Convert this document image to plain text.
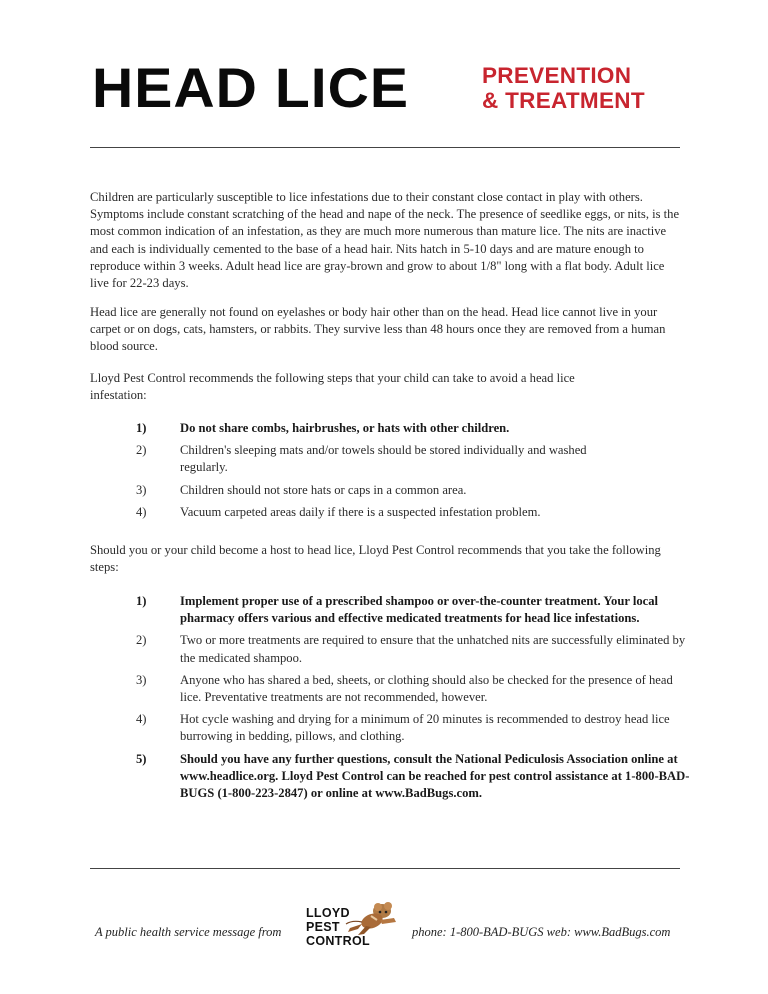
HEAD LICE	PREVENTION
& TREATMENT

Children are particularly susceptible to lice infestations due to their constant close contact in play with others. Symptoms include constant scratching of the head and nape of the neck. The presence of seedlike eggs, or nits, is the most common indication of an infestation, as they are much more numerous than mature lice. The nits are inactive and each is individually cemented to the base of a head hair. Nits hatch in 5-10 days and are mature enough to reproduce within 3 weeks. Adult head lice are gray-brown and grow to about 1/8" long with a flat body. Adult lice live for 22-23 days.

Head lice are generally not found on eyelashes or body hair other than on the head. Head lice cannot live in your carpet or on dogs, cats, hamsters, or rabbits. They survive less than 48 hours once they are removed from a human blood source.

Lloyd Pest Control recommends the following steps that your child can take to avoid a head lice infestation:

1)	Do not share combs, hairbrushes, or hats with other children.
2)	Children's sleeping mats and/or towels should be stored individually and washed regularly.
3)	Children should not store hats or caps in a common area.
4)	Vacuum carpeted areas daily if there is a suspected infestation problem.

Should you or your child become a host to head lice, Lloyd Pest Control recommends that you take the following steps:

1)	Implement proper use of a prescribed shampoo or over-the-counter treatment. Your local pharmacy offers various and effective medicated treatments for head lice infestations.
2)	Two or more treatments are required to ensure that the unhatched nits are successfully eliminated by the medicated shampoo.
3)	Anyone who has shared a bed, sheets, or clothing should also be checked for the presence of head lice. Preventative treatments are not recommended, however.
4)	Hot cycle washing and drying for a minimum of 20 minutes is recommended to destroy head lice burrowing in bedding, pillows, and clothing.
5)	Should you have any further questions, consult the National Pediculosis Association online at www.headlice.org. Lloyd Pest Control can be reached for pest control assistance at 1-800-BAD-BUGS (1-800-223-2847) or online at www.BadBugs.com.
A public health service message from
LLOYD
PEST
CONTROL
phone: 1-800-BAD-BUGS web: www.BadBugs.com
